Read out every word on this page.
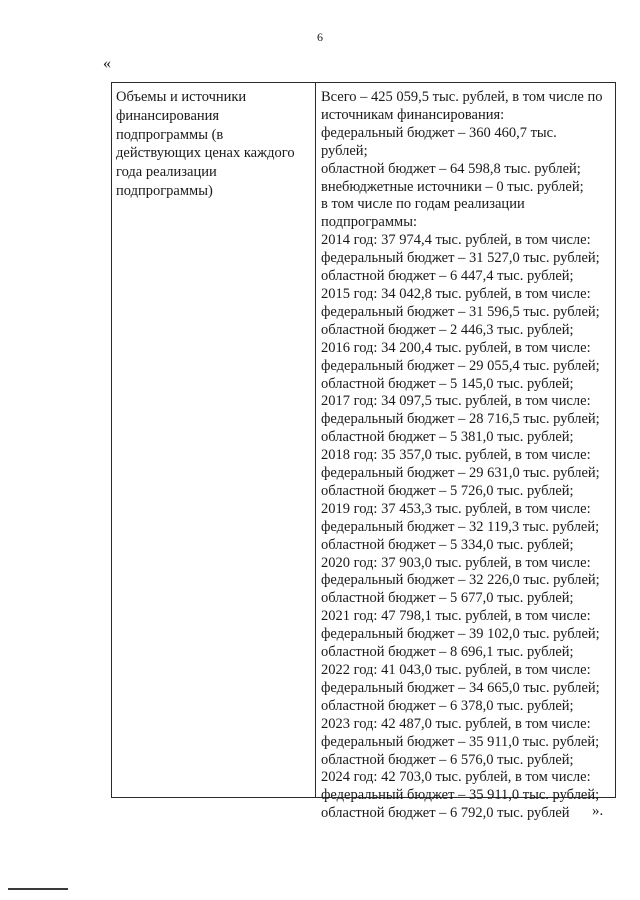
6
«
Объемы и источники
финансирования
подпрограммы (в
действующих ценах каждого
года реализации
подпрограммы)
Всего – 425 059,5 тыс. рублей, в том числе по
источникам финансирования:
федеральный бюджет – 360 460,7 тыс.
рублей;
областной бюджет – 64 598,8 тыс. рублей;
внебюджетные источники – 0 тыс. рублей;
в том числе по годам реализации
подпрограммы:
2014 год: 37 974,4 тыс. рублей, в том числе:
федеральный бюджет – 31 527,0 тыс. рублей;
областной бюджет – 6 447,4 тыс. рублей;
2015 год: 34 042,8 тыс. рублей, в том числе:
федеральный бюджет – 31 596,5 тыс. рублей;
областной бюджет – 2 446,3 тыс. рублей;
2016 год: 34 200,4 тыс. рублей, в том числе:
федеральный бюджет – 29 055,4 тыс. рублей;
областной бюджет – 5 145,0 тыс. рублей;
2017 год: 34 097,5 тыс. рублей, в том числе:
федеральный бюджет – 28 716,5 тыс. рублей;
областной бюджет – 5 381,0 тыс. рублей;
2018 год: 35 357,0 тыс. рублей, в том числе:
федеральный бюджет – 29 631,0 тыс. рублей;
областной бюджет – 5 726,0 тыс. рублей;
2019 год: 37 453,3 тыс. рублей, в том числе:
федеральный бюджет – 32 119,3 тыс. рублей;
областной бюджет – 5 334,0 тыс. рублей;
2020 год: 37 903,0 тыс. рублей, в том числе:
федеральный бюджет – 32 226,0 тыс. рублей;
областной бюджет – 5 677,0 тыс. рублей;
2021 год: 47 798,1 тыс. рублей, в том числе:
федеральный бюджет – 39 102,0 тыс. рублей;
областной бюджет – 8 696,1 тыс. рублей;
2022 год: 41 043,0 тыс. рублей, в том числе:
федеральный бюджет – 34 665,0 тыс. рублей;
областной бюджет – 6 378,0 тыс. рублей;
2023 год: 42 487,0 тыс. рублей, в том числе:
федеральный бюджет – 35 911,0 тыс. рублей;
областной бюджет – 6 576,0 тыс. рублей;
2024 год: 42 703,0 тыс. рублей, в том числе:
федеральный бюджет – 35 911,0 тыс. рублей;
областной бюджет – 6 792,0 тыс. рублей	».
